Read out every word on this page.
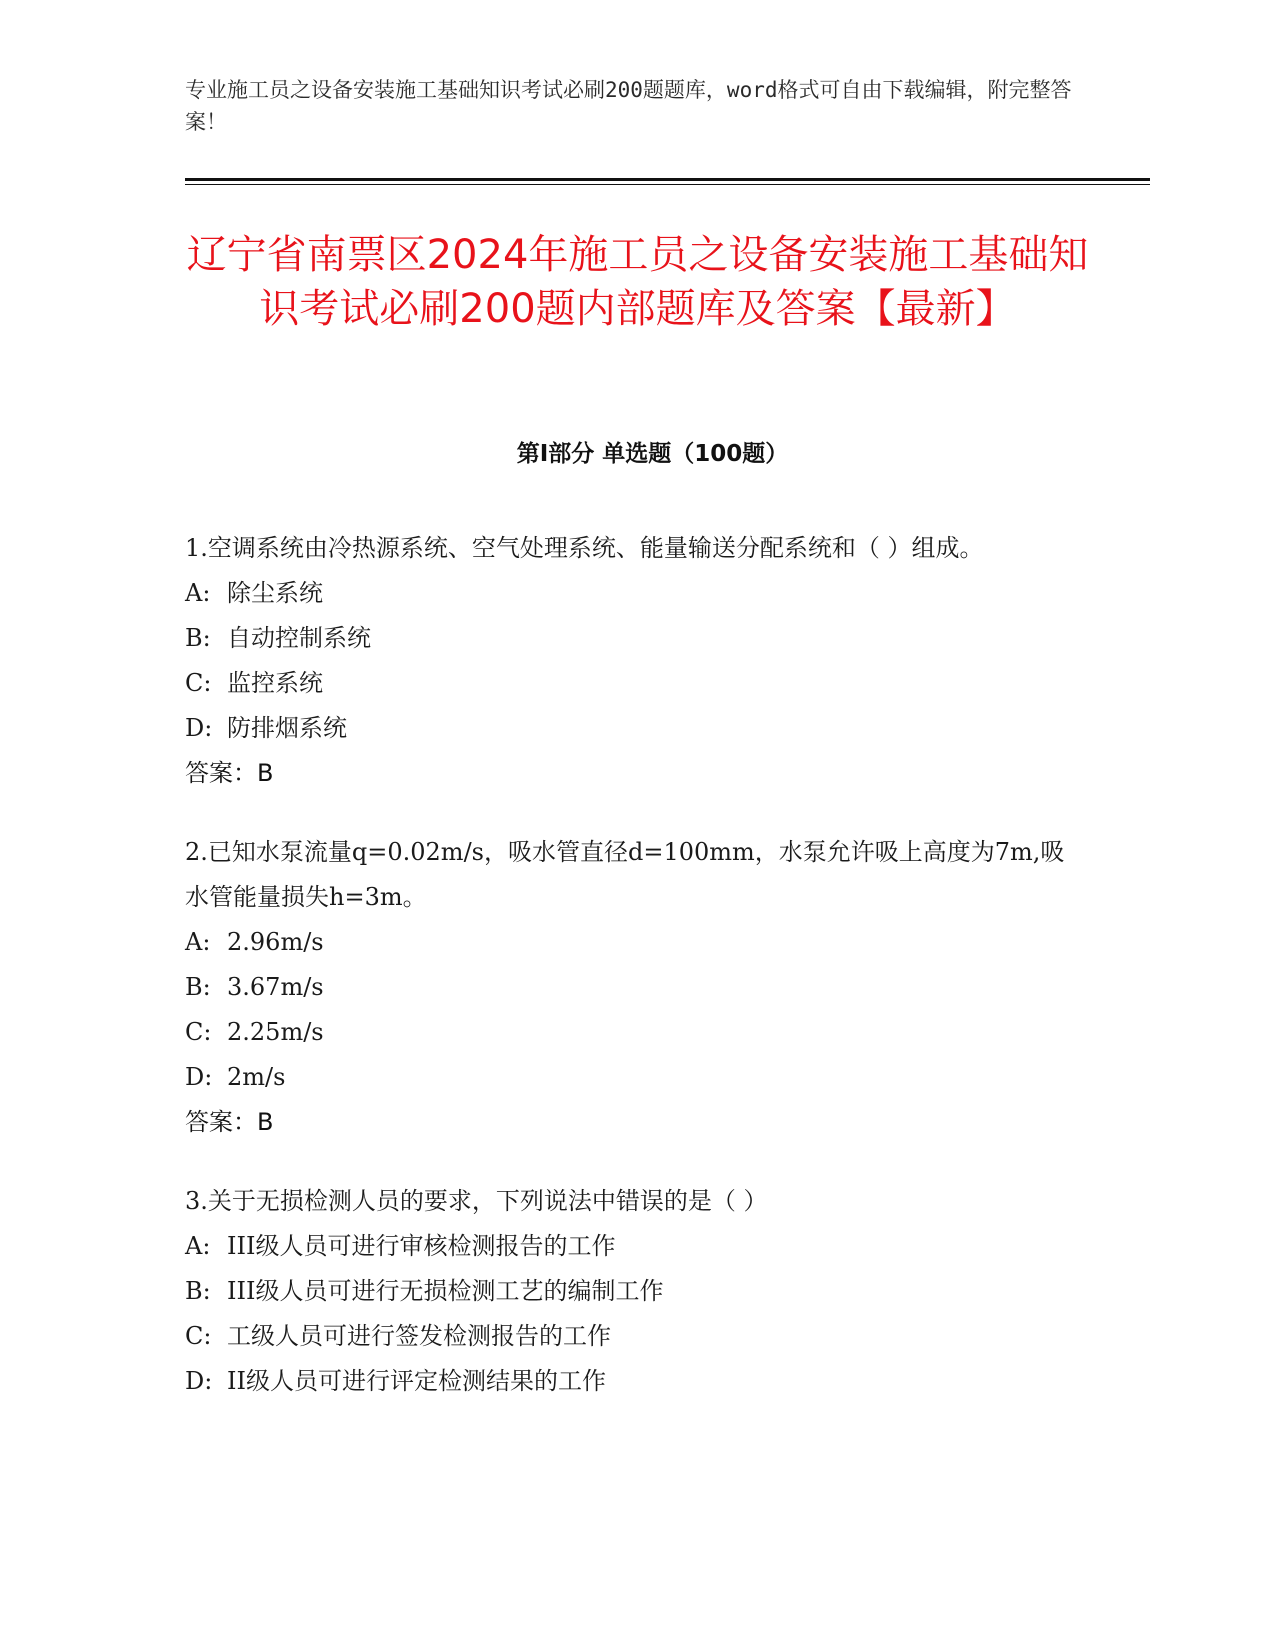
专业施工员之设备安装施工基础知识考试必刷200题题库，word格式可自由下载编辑，附完整答案！
辽宁省南票区2024年施工员之设备安装施工基础知识考试必刷200题内部题库及答案【最新】
第I部分 单选题（100题）

1.空调系统由冷热源系统、空气处理系统、能量输送分配系统和（ ）组成。

A: 除尘系统

B: 自动控制系统

C: 监控系统

D: 防排烟系统

答案：B

2.已知水泵流量q=0.02m/s，吸水管直径d=100mm，水泵允许吸上高度为7m,吸水管能量损失h=3m。

A: 2.96m/s

B: 3.67m/s

C: 2.25m/s

D: 2m/s

答案：B

3.关于无损检测人员的要求，下列说法中错误的是（ ）

A: III级人员可进行审核检测报告的工作

B: III级人员可进行无损检测工艺的编制工作

C: 工级人员可进行签发检测报告的工作

D: II级人员可进行评定检测结果的工作
